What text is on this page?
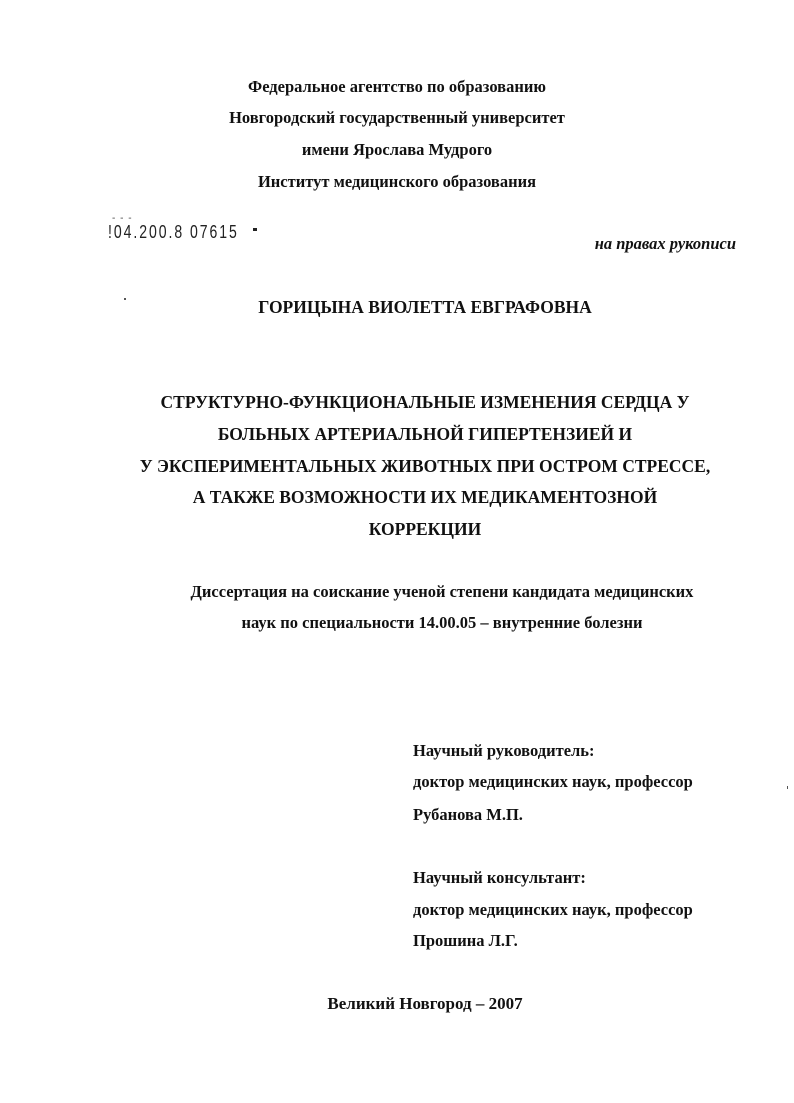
Федеральное агентство по образованию
Новгородский государственный университет
имени Ярослава Мудрого
Институт медицинского образования
- - -
!04.200.8 07615
на правах рукописи
ГОРИЦЫНА ВИОЛЕТТА ЕВГРАФОВНА
СТРУКТУРНО-ФУНКЦИОНАЛЬНЫЕ ИЗМЕНЕНИЯ СЕРДЦА У
БОЛЬНЫХ АРТЕРИАЛЬНОЙ ГИПЕРТЕНЗИЕЙ И
У ЭКСПЕРИМЕНТАЛЬНЫХ ЖИВОТНЫХ ПРИ ОСТРОМ СТРЕССЕ,
А ТАКЖЕ ВОЗМОЖНОСТИ ИХ МЕДИКАМЕНТОЗНОЙ
КОРРЕКЦИИ
Диссертация на соискание ученой степени кандидата медицинских
наук по специальности 14.00.05 – внутренние болезни
Научный руководитель:
доктор медицинских наук, профессор
Рубанова М.П.
Научный консультант:
доктор медицинских наук, профессор
Прошина Л.Г.
Великий Новгород – 2007
